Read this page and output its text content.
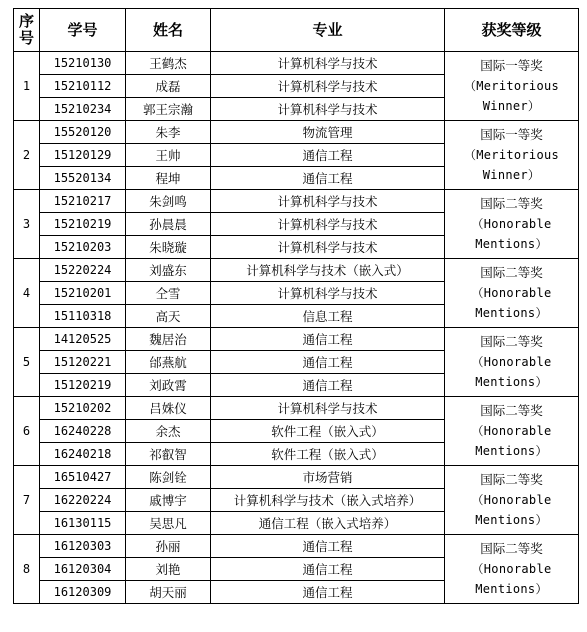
序号	学号	姓名	专业	获奖等级
1	15210130	王鹤杰	计算机科学与技术	国际一等奖
（Meritorious
Winner）

	15210112	成磊	计算机科学与技术	
	15210234	郭王宗瀚	计算机科学与技术	
2	15520120	朱李	物流管理	国际一等奖
（Meritorious
Winner）

	15120129	王帅	通信工程	
	15520134	程坤	通信工程	
3	15210217	朱剑鸣	计算机科学与技术	国际二等奖
（Honorable
Mentions）

	15210219	孙晨晨	计算机科学与技术	
	15210203	朱晓璇	计算机科学与技术	
4	15220224	刘盛东	计算机科学与技术（嵌入式）	国际二等奖
（Honorable
Mentions）

	15210201	仝雪	计算机科学与技术	
	15110318	高天	信息工程	
5	14120525	魏居治	通信工程	国际二等奖
（Honorable
Mentions）

	15120221	邰燕航	通信工程	
	15120219	刘政霄	通信工程	
6	15210202	吕姝仪	计算机科学与技术	国际二等奖
（Honorable
Mentions）

	16240228	余杰	软件工程（嵌入式）	
	16240218	祁叡智	软件工程（嵌入式）	
7	16510427	陈剑铨	市场营销	国际二等奖
（Honorable
Mentions）

	16220224	戚博宇	计算机科学与技术（嵌入式培养）	
	16130115	吴思凡	通信工程（嵌入式培养）	
8	16120303	孙丽	通信工程	国际二等奖
（Honorable
Mentions）

	16120304	刘艳	通信工程	
	16120309	胡天丽	通信工程	
